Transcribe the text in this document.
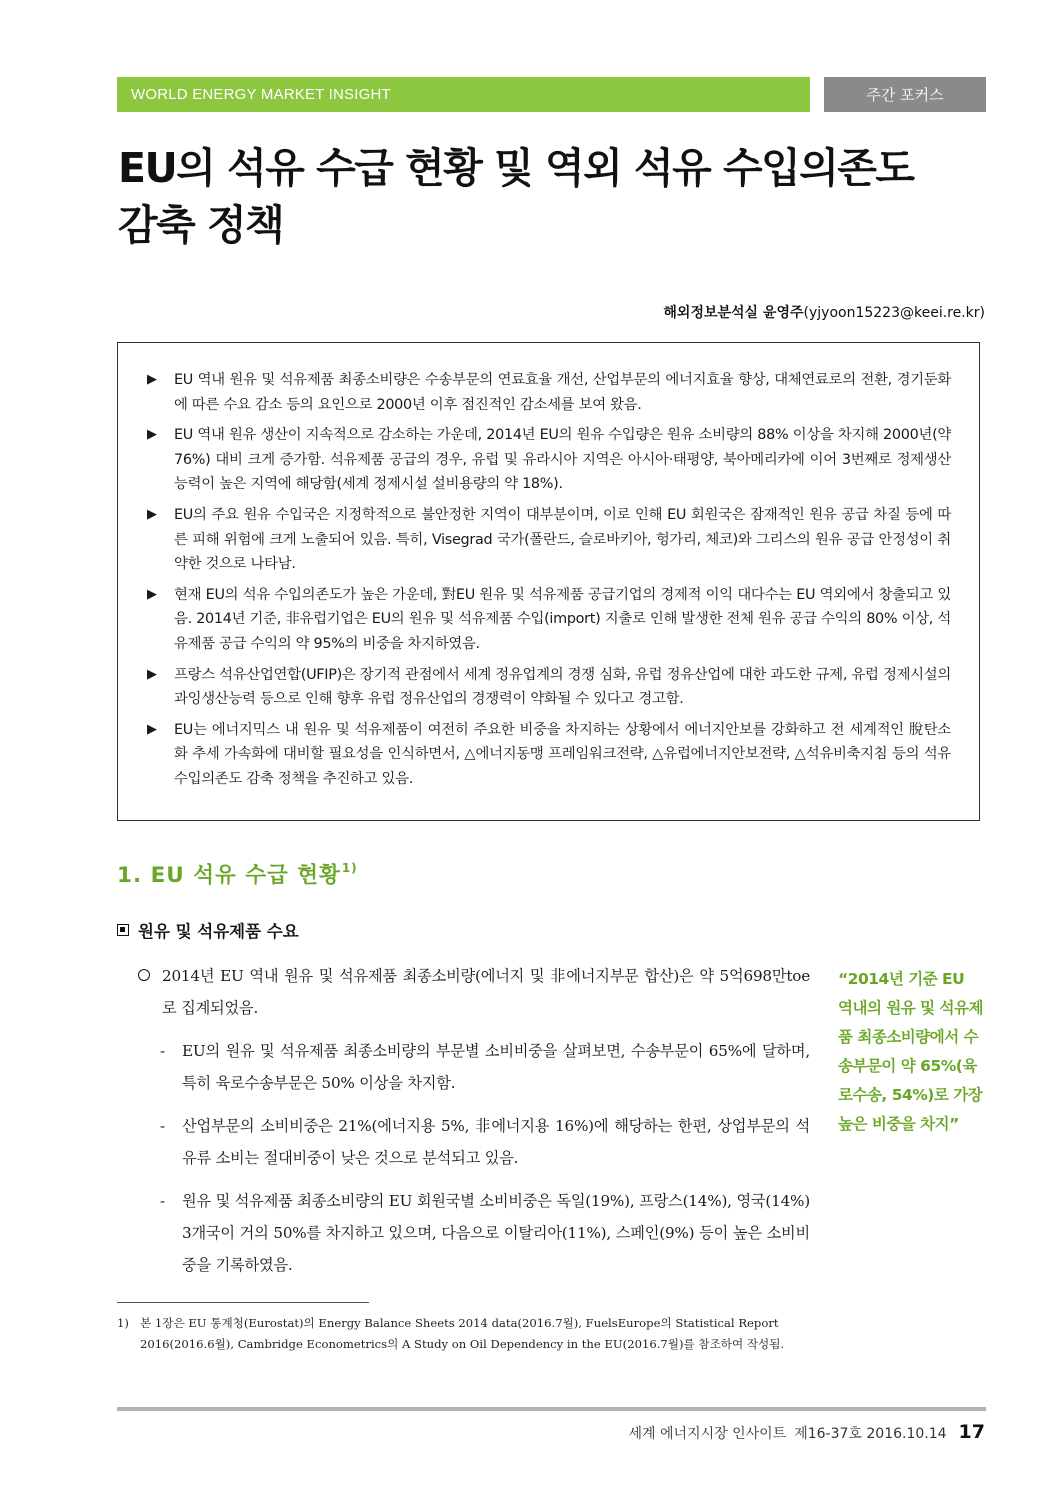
WORLD ENERGY MARKET INSIGHT	주간 포커스
EU의 석유 수급 현황 및 역외 석유 수입의존도
감축 정책
해외정보분석실 윤영주(yjyoon15223@keei.re.kr)
▶ EU 역내 원유 및 석유제품 최종소비량은 수송부문의 연료효율 개선, 산업부문의 에너지효율 향상, 대체연료로의 전환, 경기둔화에 따른 수요 감소 등의 요인으로 2000년 이후 점진적인 감소세를 보여 왔음.
▶ EU 역내 원유 생산이 지속적으로 감소하는 가운데, 2014년 EU의 원유 수입량은 원유 소비량의 88% 이상을 차지해 2000년(약 76%) 대비 크게 증가함. 석유제품 공급의 경우, 유럽 및 유라시아 지역은 아시아·태평양, 북아메리카에 이어 3번째로 정제생산능력이 높은 지역에 해당함(세계 정제시설 설비용량의 약 18%).
▶ EU의 주요 원유 수입국은 지정학적으로 불안정한 지역이 대부분이며, 이로 인해 EU 회원국은 잠재적인 원유 공급 차질 등에 따른 피해 위험에 크게 노출되어 있음. 특히, Visegrad 국가(폴란드, 슬로바키아, 헝가리, 체코)와 그리스의 원유 공급 안정성이 취약한 것으로 나타남.
▶ 현재 EU의 석유 수입의존도가 높은 가운데, 對EU 원유 및 석유제품 공급기업의 경제적 이익 대다수는 EU 역외에서 창출되고 있음. 2014년 기준, 非유럽기업은 EU의 원유 및 석유제품 수입(import) 지출로 인해 발생한 전체 원유 공급 수익의 80% 이상, 석유제품 공급 수익의 약 95%의 비중을 차지하였음.
▶ 프랑스 석유산업연합(UFIP)은 장기적 관점에서 세계 정유업계의 경쟁 심화, 유럽 정유산업에 대한 과도한 규제, 유럽 정제시설의 과잉생산능력 등으로 인해 향후 유럽 정유산업의 경쟁력이 약화될 수 있다고 경고함.
▶ EU는 에너지믹스 내 원유 및 석유제품이 여전히 주요한 비중을 차지하는 상황에서 에너지안보를 강화하고 전 세계적인 脫탄소화 추세 가속화에 대비할 필요성을 인식하면서, △에너지동맹 프레임워크전략, △유럽에너지안보전략, △석유비축지침 등의 석유 수입의존도 감축 정책을 추진하고 있음.
1. EU 석유 수급 현황$^{1)}$
원유 및 석유제품 수요
2014년 EU 역내 원유 및 석유제품 최종소비량(에너지 및 非에너지부문 합산)은 약 5억698만toe로 집계되었음.
- EU의 원유 및 석유제품 최종소비량의 부문별 소비비중을 살펴보면, 수송부문이 65%에 달하며, 특히 육로수송부문은 50% 이상을 차지함.
- 산업부문의 소비비중은 21%(에너지용 5%, 非에너지용 16%)에 해당하는 한편, 상업부문의 석유류 소비는 절대비중이 낮은 것으로 분석되고 있음.
- 원유 및 석유제품 최종소비량의 EU 회원국별 소비비중은 독일(19%), 프랑스(14%), 영국(14%) 3개국이 거의 50%를 차지하고 있으며, 다음으로 이탈리아(11%), 스페인(9%) 등이 높은 소비비중을 기록하였음.
“2014년 기준 EU 역내의 원유 및 석유제품 최종소비량에서 수송부문이 약 65%(육로수송, 54%)로 가장 높은 비중을 차지”
1) 본 1장은 EU 통계청(Eurostat)의 Energy Balance Sheets 2014 data(2016.7월), FuelsEurope의 Statistical Report 2016(2016.6월), Cambridge Econometrics의 A Study on Oil Dependency in the EU(2016.7월)를 참조하여 작성됨.
세계 에너지시장 인사이트 제16-37호 2016.10.14 17
